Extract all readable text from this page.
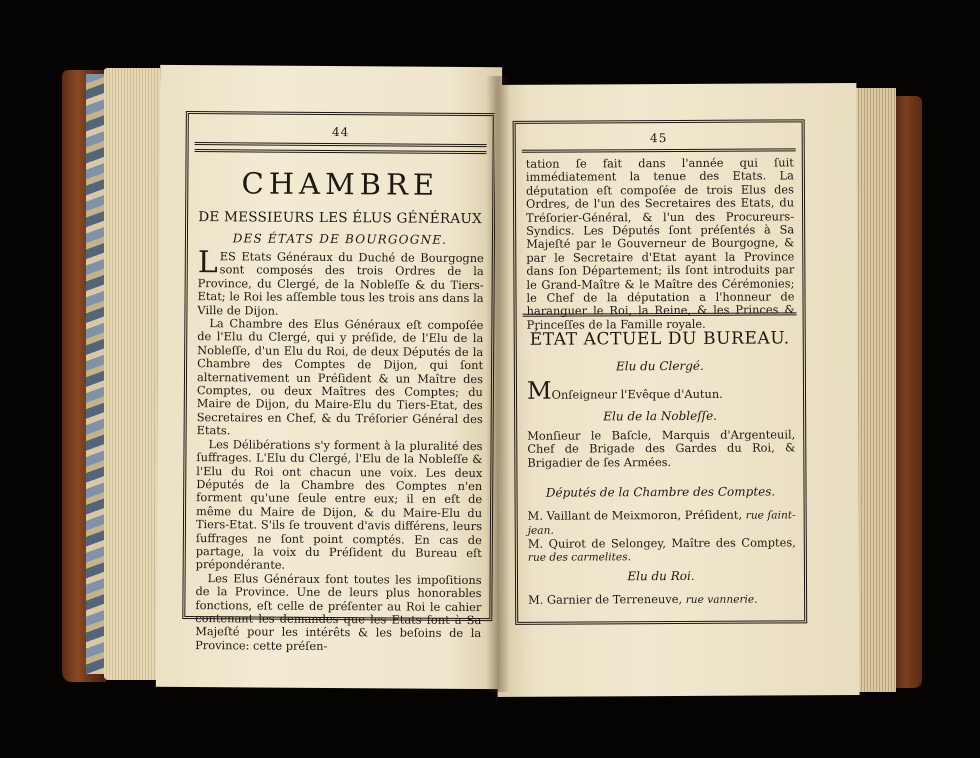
44
CHAMBRE
DE MESSIEURS LES ÉLUS GÉNÉRAUX
DES ÉTATS DE BOURGOGNE.

LES Etats Généraux du Duché de Bourgogne sont composés des trois Ordres de la Province, du Clergé, de la Nobleſſe & du Tiers-Etat; le Roi les aſſemble tous les trois ans dans la Ville de Dijon.

La Chambre des Elus Généraux eſt compoſée de l'Elu du Clergé, qui y préſide, de l'Elu de la Nobleſſe, d'un Elu du Roi, de deux Députés de la Chambre des Comptes de Dijon, qui ſont alternativement un Préſident & un Maître des Comptes, ou deux Maîtres des Comptes; du Maire de Dijon, du Maire-Elu du Tiers-Etat, des Secretaires en Chef, & du Tréſorier Général des Etats.

Les Délibérations s'y forment à la pluralité des ſuffrages. L'Elu du Clergé, l'Elu de la Nobleſſe & l'Elu du Roi ont chacun une voix. Les deux Députés de la Chambre des Comptes n'en forment qu'une ſeule entre eux; il en eſt de même du Maire de Dijon, & du Maire-Elu du Tiers-Etat. S'ils ſe trouvent d'avis différens, leurs ſuffrages ne ſont point comptés. En cas de partage, la voix du Préſident du Bureau eſt prépondérante.

Les Elus Généraux font toutes les impoſitions de la Province. Une de leurs plus honorables fonctions, eſt celle de préſenter au Roi le cahier contenant les demandes que les Etats font à Sa Majeſté pour les intérêts & les beſoins de la Province: cette préſen-

45

tation ſe fait dans l'année qui ſuit immédiatement la tenue des Etats. La députation eſt compoſée de trois Elus des Ordres, de l'un des Secretaires des Etats, du Tréſorier-Général, & l'un des Procureurs-Syndics. Les Députés ſont préſentés à Sa Majeſté par le Gouverneur de Bourgogne, & par le Secretaire d'Etat ayant la Province dans ſon Département; ils ſont introduits par le Grand-Maître & le Maître des Cérémonies; le Chef de la députation a l'honneur de haranguer le Roi, la Reine, & les Princes & Princeſſes de la Famille royale.

ÉTAT ACTUEL DU BUREAU.
Elu du Clergé.
MOnſeigneur l'Evêque d'Autun.
Elu de la Nobleſſe.
Monſieur le Baſcle, Marquis d'Argenteuil, Chef de Brigade des Gardes du Roi, & Brigadier de ſes Armées.
Députés de la Chambre des Comptes.
M. Vaillant de Meixmoron, Préſident, rue ſaint-jean.
M. Quirot de Selongey, Maître des Comptes, rue des carmelites.
Elu du Roi.
M. Garnier de Terreneuve, rue vannerie.
